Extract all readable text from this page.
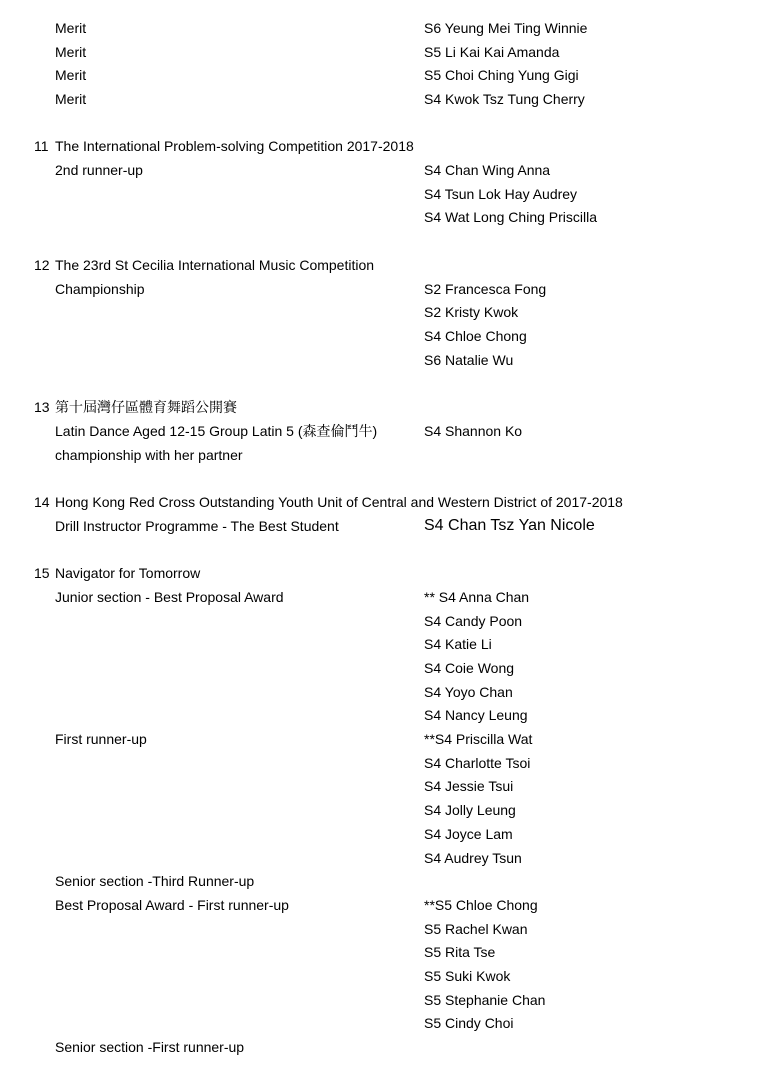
Merit	S6 Yeung Mei Ting Winnie
Merit	S5 Li Kai Kai Amanda
Merit	S5 Choi Ching Yung Gigi
Merit	S4 Kwok Tsz Tung Cherry
11 The International Problem-solving Competition 2017-2018
2nd runner-up	S4 Chan Wing Anna
S4 Tsun Lok Hay Audrey
S4 Wat Long Ching Priscilla
12 The 23rd St Cecilia International Music Competition
Championship	S2 Francesca Fong
S2 Kristy Kwok
S4 Chloe Chong
S6 Natalie Wu
13 第十屆灣仔區體育舞蹈公開賽
Latin Dance Aged 12-15 Group Latin 5 (森查倫鬥牛)	S4 Shannon Ko
championship with her partner
14 Hong Kong Red Cross Outstanding Youth Unit of Central and Western District of 2017-2018
Drill Instructor Programme - The Best Student	S4 Chan Tsz Yan Nicole
15 Navigator for Tomorrow
Junior section - Best Proposal Award	** S4 Anna Chan
S4 Candy Poon
S4 Katie Li
S4 Coie Wong
S4 Yoyo Chan
S4 Nancy Leung
First runner-up	**S4 Priscilla Wat
S4 Charlotte Tsoi
S4 Jessie Tsui
S4 Jolly Leung
S4 Joyce Lam
S4 Audrey Tsun
Senior section -Third Runner-up
Best Proposal Award - First runner-up	**S5 Chloe Chong
S5 Rachel Kwan
S5 Rita Tse
S5 Suki Kwok
S5 Stephanie Chan
S5 Cindy Choi
Senior section -First runner-up
